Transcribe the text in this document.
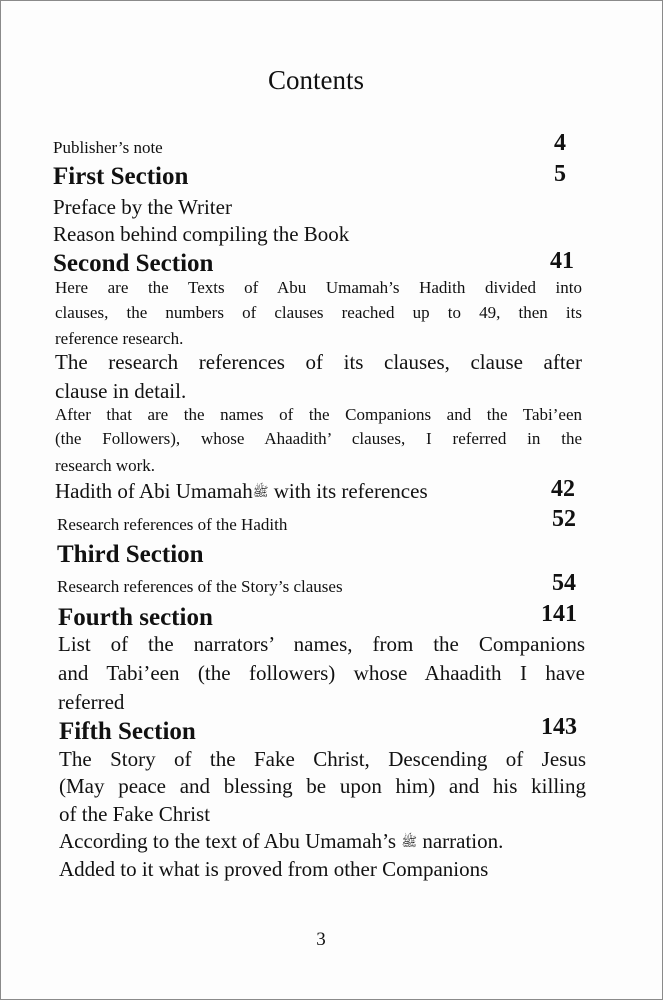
Contents
Publisher’s note	4
First Section	5
Preface by the Writer
Reason behind compiling the Book
Second Section	41
Here are the Texts of Abu Umamah’s Hadith divided into
clauses, the numbers of clauses reached up to 49, then its
reference research.
The research references of its clauses, clause after
clause in detail.
After that are the names of the Companions and the Tabi’een
(the Followers), whose Ahaadith’ clauses, I referred in the
research work.
Hadith of Abi Umamahﷺ with its references	42
Research references of the Hadith	52
Third Section
Research references of the Story’s clauses	54
Fourth section	141
List of the narrators’ names, from the Companions
and Tabi’een (the followers) whose Ahaadith I have
referred
Fifth Section	143
The Story of the Fake Christ, Descending of Jesus
(May peace and blessing be upon him) and his killing
of the Fake Christ
According to the text of Abu Umamah’s ﷺ narration.
Added to it what is proved from other Companions
3
